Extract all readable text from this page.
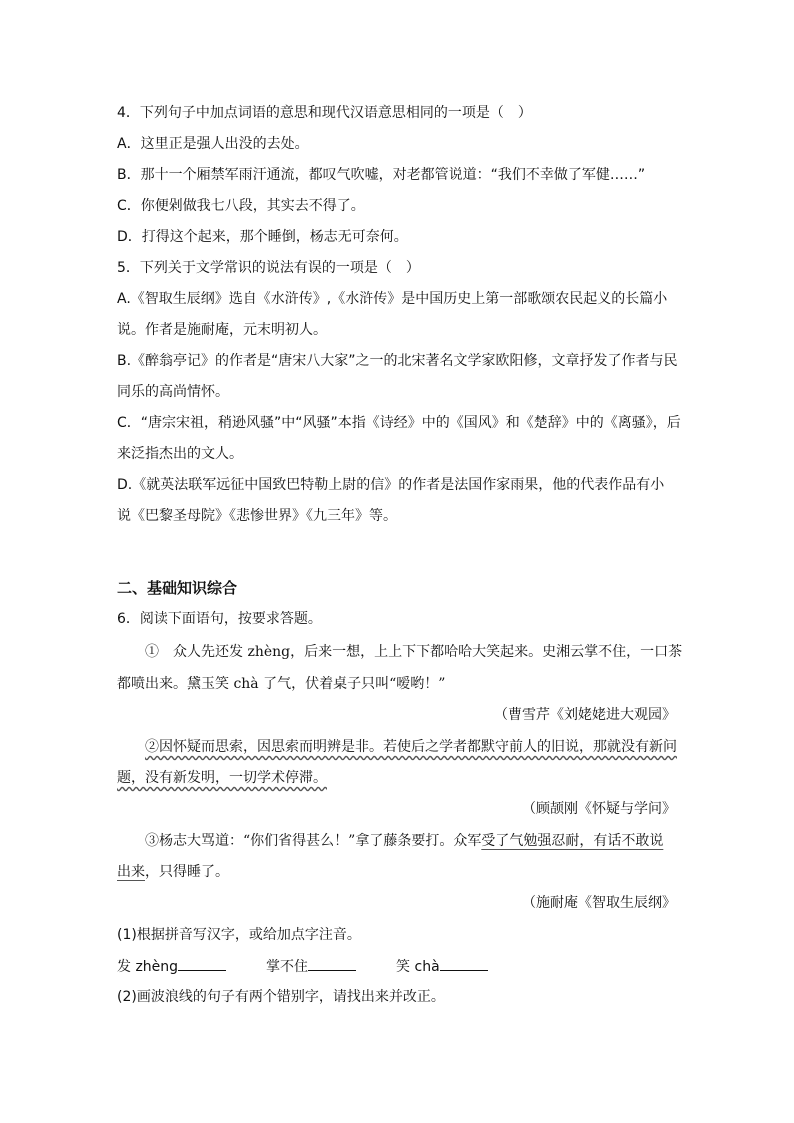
4．下列句子中加点词语的意思和现代汉语意思相同的一项是（　）
A．这里正是强人出没的去处。
B．那十一个厢禁军雨汗通流，都叹气吹嘘，对老都管说道：“我们不幸做了军健……”
C．你便剁做我七八段，其实去不得了。
D．打得这个起来，那个睡倒，杨志无可奈何。
5．下列关于文学常识的说法有误的一项是（　）
A.《智取生辰纲》选自《水浒传》,《水浒传》是中国历史上第一部歌颂农民起义的长篇小
说。作者是施耐庵，元末明初人。
B.《醉翁亭记》的作者是“唐宋八大家”之一的北宋著名文学家欧阳修，文章抒发了作者与民
同乐的高尚情怀。
C．“唐宗宋祖，稍逊风骚”中“风骚”本指《诗经》中的《国风》和《楚辞》中的《离骚》，后
来泛指杰出的文人。
D.《就英法联军远征中国致巴特勒上尉的信》的作者是法国作家雨果，他的代表作品有小
说《巴黎圣母院》《悲惨世界》《九三年》等。
二、基础知识综合
6．阅读下面语句，按要求答题。
①　众人先还发 zhèng，后来一想，上上下下都哈哈大笑起来。史湘云掌不住，一口茶
都喷出来。黛玉笑 chà 了气，伏着桌子只叫“嗳哟！”
（曹雪芹《刘姥姥进大观园》
②因怀疑而思索，因思索而明辨是非。若使后之学者都默守前人的旧说，那就没有新问
题，没有新发明，一切学术停滞。
（顾颉刚《怀疑与学问》
③杨志大骂道：“你们省得甚么！”拿了藤条要打。众军受了气勉强忍耐，有话不敢说
出来，只得睡了。
（施耐庵《智取生辰纲》
(1)根据拼音写汉字，或给加点字注音。
发 zhèng	掌不住	笑 chà
(2)画波浪线的句子有两个错别字，请找出来并改正。
